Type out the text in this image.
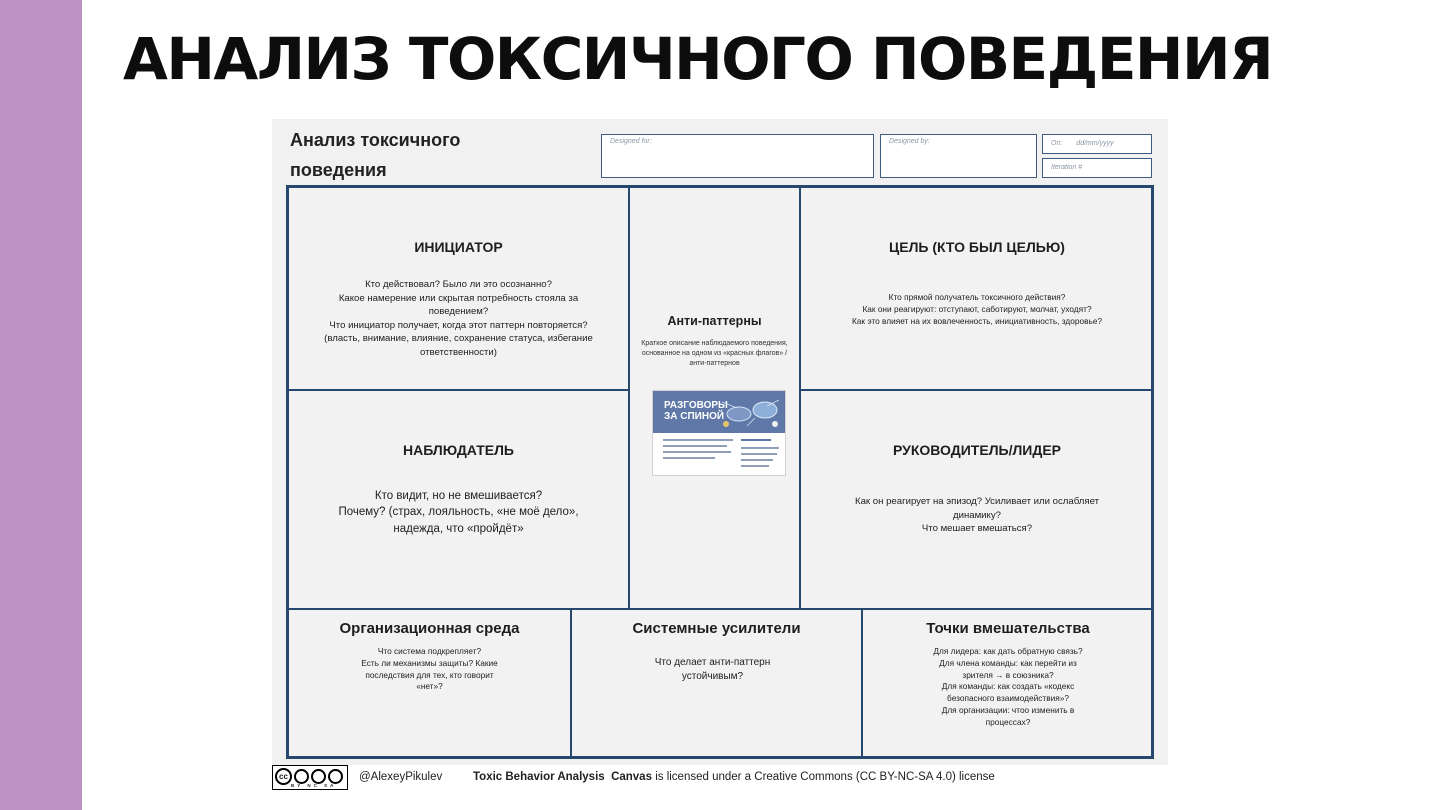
АНАЛИЗ ТОКСИЧНОГО ПОВЕДЕНИЯ
Анализ токсичного
поведения
Designed for:	Designed by:	On: dd/mm/yyyy
Iteration #
ИНИЦИАТОР

Кто действовал? Было ли это осознанно?
Какое намерение или скрытая потребность стояла за
поведением?
Что инициатор получает, когда этот паттерн повторяется?
(власть, внимание, влияние, сохранение статуса, избегание
ответственности)

Анти-паттерны

Краткое описание наблюдаемого поведения,
основанное на одном из «красных флагов» /
анти-паттернов

РАЗГОВОРЫ
ЗА СПИНОЙ
ЦЕЛЬ (КТО БЫЛ ЦЕЛЬЮ)

Кто прямой получатель токсичного действия?
Как они реагируют: отступают, саботируют, молчат, уходят?
Как это влияет на их вовлеченность, инициативность, здоровье?

НАБЛЮДАТЕЛЬ

Кто видит, но не вмешивается?
Почему? (страх, лояльность, «не моё дело»,
надежда, что «пройдёт»

РУКОВОДИТЕЛЬ/ЛИДЕР

Как он реагирует на эпизод? Усиливает или ослабляет
динамику?
Что мешает вмешаться?

Организационная среда

Что система подкрепляет?
Есть ли механизмы защиты? Какие
последствия для тех, кто говорит
«нет»?

Системные усилители

Что делает анти-паттерн
устойчивым?

Точки вмешательства

Для лидера: как дать обратную связь?
Для члена команды: как перейти из
зрителя → в союзника?
Для команды: как создать «кодекс
безопасного взаимодействия»?
Для организации: чтоо изменить в
процессах?

cc
BY NC SA
@AlexeyPikulev	Toxic Behavior Analysis Canvas is licensed under a Creative Commons (CC BY-NC-SA 4.0) license
